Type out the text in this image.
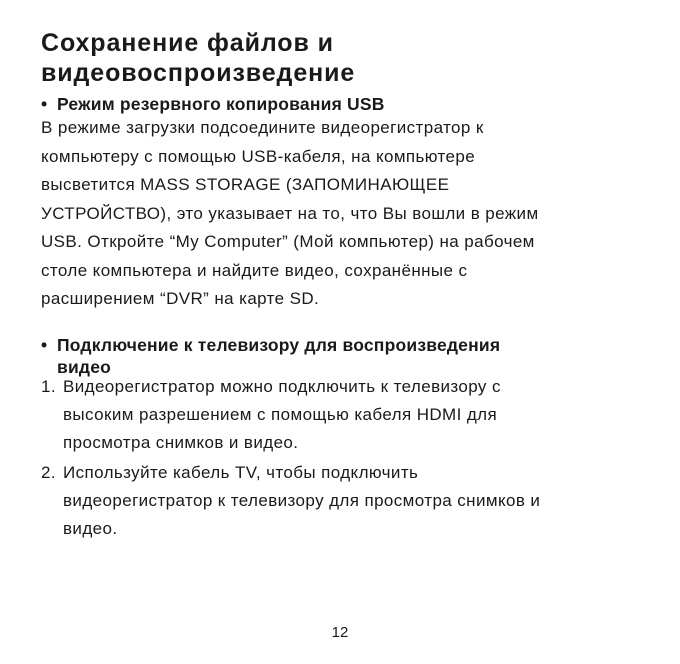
Сохранение файлов и
видеовоспроизведение
• Режим резервного копирования USB
В режиме загрузки подсоедините видеорегистратор к
компьютеру с помощью USB-кабеля, на компьютере
высветится MASS STORAGE (ЗАПОМИНАЮЩЕЕ
УСТРОЙСТВО), это указывает на то, что Вы вошли в режим
USB. Откройте “My Computer” (Мой компьютер) на рабочем
столе компьютера и найдите видео, сохранённые с
расширением “DVR” на карте SD.
• Подключение к телевизору для воспроизведения
видео
1. Видеорегистратор можно подключить к телевизору с
высоким разрешением с помощью кабеля HDMI для
просмотра снимков и видео.
2. Используйте кабель TV, чтобы подключить
видеорегистратор к телевизору для просмотра снимков и
видео.
12
